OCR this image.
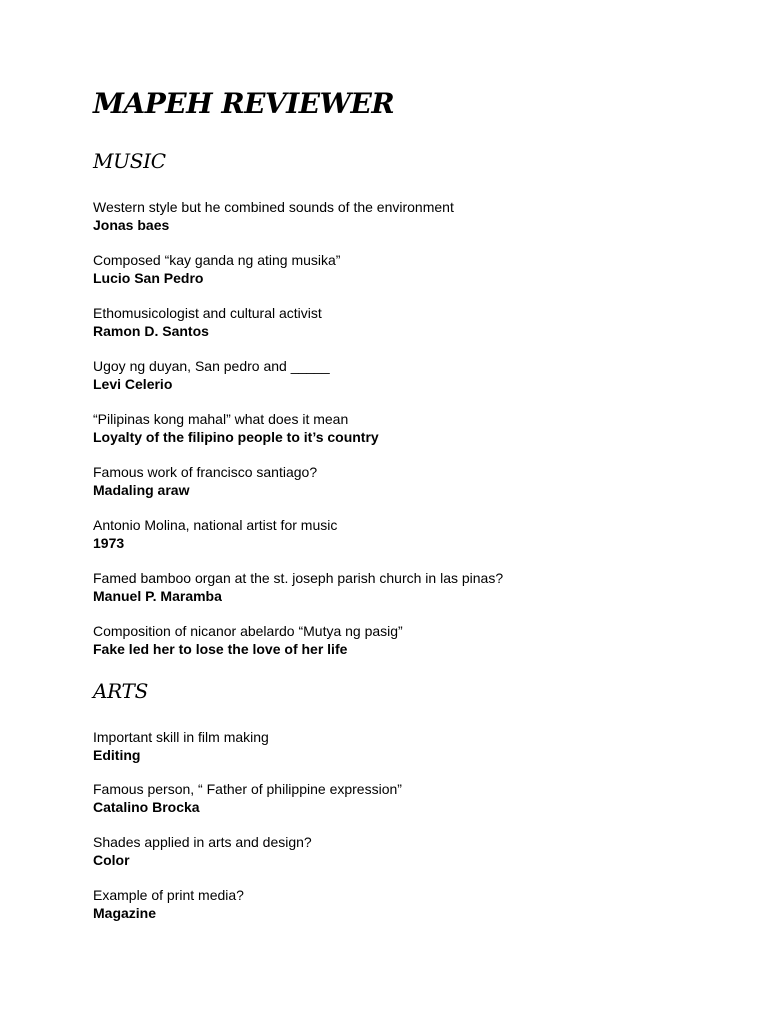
MAPEH REVIEWER
MUSIC
Western style but he combined sounds of the environment
Jonas baes
Composed “kay ganda ng ating musika”
Lucio San Pedro
Ethomusicologist and cultural activist
Ramon D. Santos
Ugoy ng duyan, San pedro and _____
Levi Celerio
“Pilipinas kong mahal” what does it mean
Loyalty of the filipino people to it’s country
Famous work of francisco santiago?
Madaling araw
Antonio Molina, national artist for music
1973
Famed bamboo organ at the st. joseph parish church in las pinas?
Manuel P. Maramba
Composition of nicanor abelardo “Mutya ng pasig”
Fake led her to lose the love of her life
ARTS
Important skill in film making
Editing
Famous person, “ Father of philippine expression”
Catalino Brocka
Shades applied in arts and design?
Color
Example of print media?
Magazine
